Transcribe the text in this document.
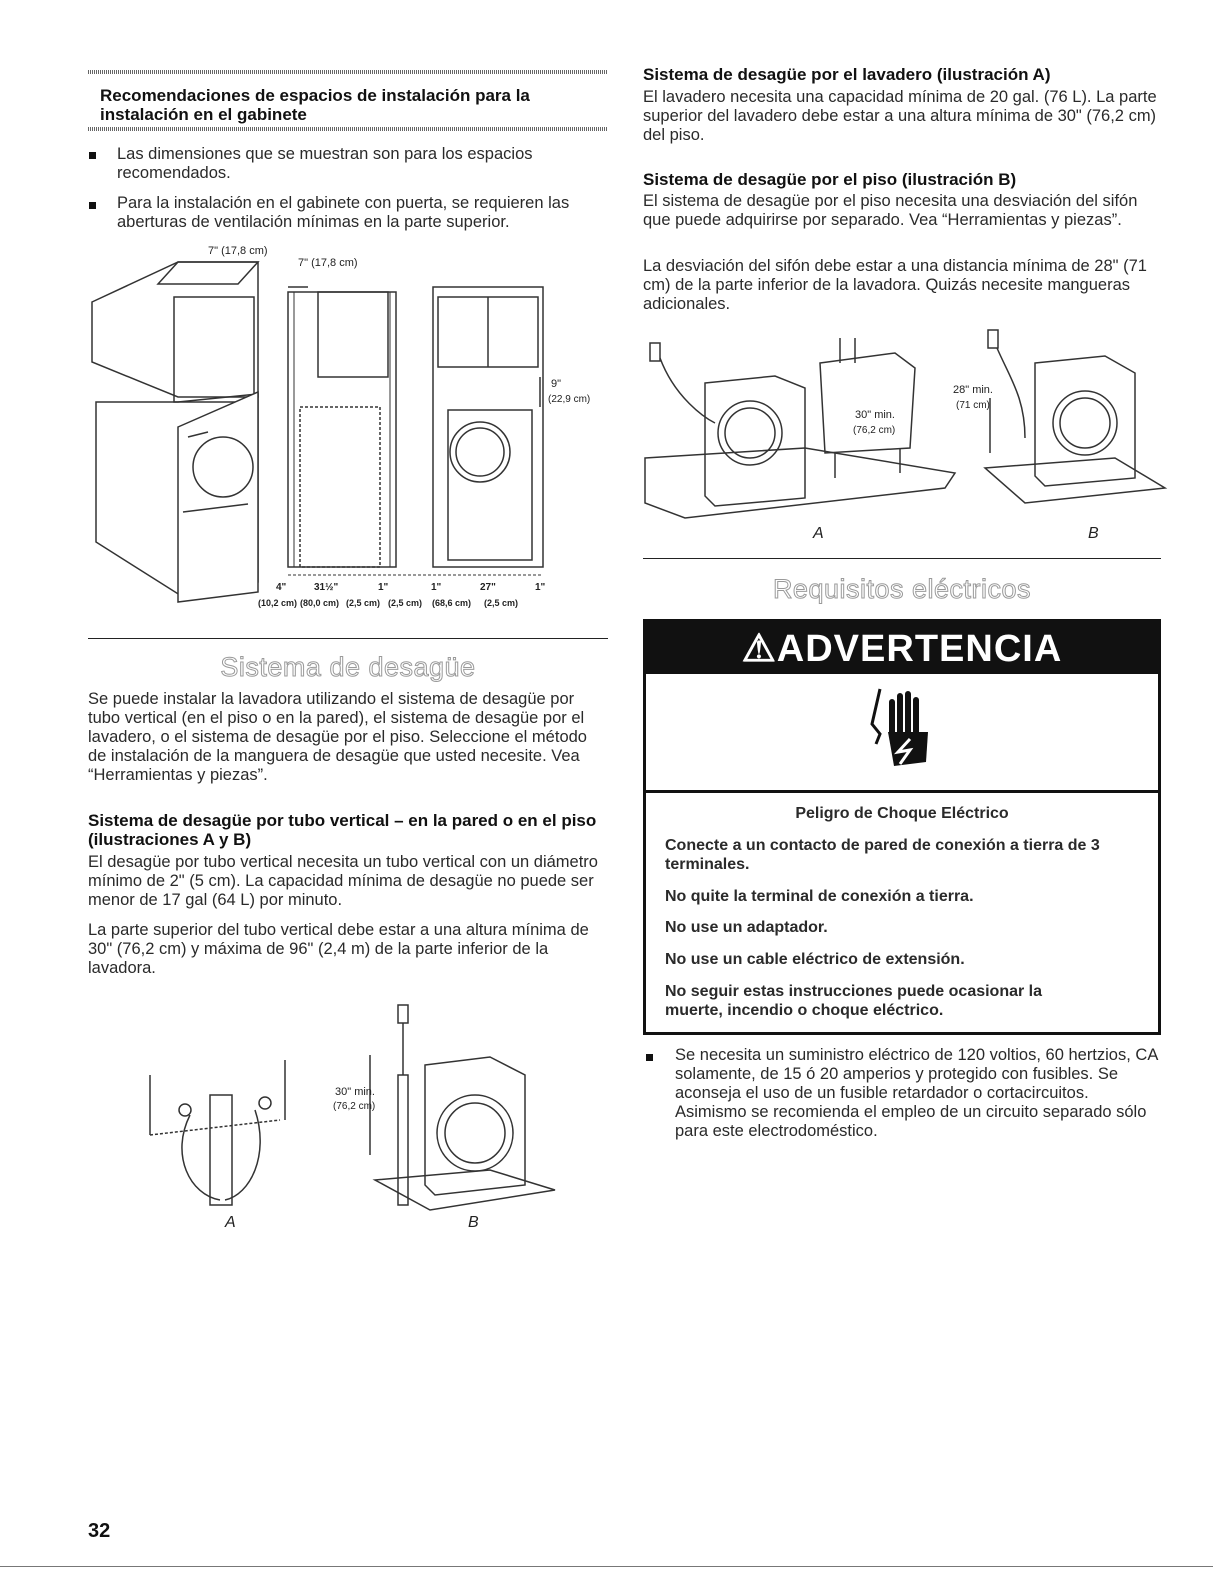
Recomendaciones de espacios de instalación para la instalación en el gabinete
Las dimensiones que se muestran son para los espacios recomendados.
Para la instalación en el gabinete con puerta, se requieren las aberturas de ventilación mínimas en la parte superior.
7" (17,8 cm)
7" (17,8 cm)
9"
(22,9 cm)
4"	31½"	1"	1"	27"	1"
(10,2 cm) (80,0 cm) (2,5 cm) (2,5 cm) (68,6 cm) (2,5 cm)
Sistema de desagüe
Se puede instalar la lavadora utilizando el sistema de desagüe por tubo vertical (en el piso o en la pared), el sistema de desagüe por el lavadero, o el sistema de desagüe por el piso. Seleccione el método de instalación de la manguera de desagüe que usted necesite. Vea “Herramientas y piezas”.
Sistema de desagüe por tubo vertical – en la pared o en el piso (ilustraciones A y B)
El desagüe por tubo vertical necesita un tubo vertical con un diámetro mínimo de 2" (5 cm). La capacidad mínima de desagüe no puede ser menor de 17 gal (64 L) por minuto.
La parte superior del tubo vertical debe estar a una altura mínima de 30" (76,2 cm) y máxima de 96" (2,4 m) de la parte inferior de la lavadora.
30" min.
(76,2 cm)
A	B
32
Sistema de desagüe por el lavadero (ilustración A)
El lavadero necesita una capacidad mínima de 20 gal. (76 L). La parte superior del lavadero debe estar a una altura mínima de 30" (76,2 cm) del piso.
Sistema de desagüe por el piso (ilustración B)
El sistema de desagüe por el piso necesita una desviación del sifón que puede adquirirse por separado. Vea “Herramientas y piezas”.
La desviación del sifón debe estar a una distancia mínima de 28" (71 cm) de la parte inferior de la lavadora. Quizás necesite mangueras adicionales.
30" min.
(76,2 cm)
28" min.
(71 cm)
A	B
Requisitos eléctricos
⚠ADVERTENCIA
Peligro de Choque Eléctrico
Conecte a un contacto de pared de conexión a tierra de 3 terminales.
No quite la terminal de conexión a tierra.
No use un adaptador.
No use un cable eléctrico de extensión.
No seguir estas instrucciones puede ocasionar la muerte, incendio o choque eléctrico.
Se necesita un suministro eléctrico de 120 voltios, 60 hertzios, CA solamente, de 15 ó 20 amperios y protegido con fusibles. Se aconseja el uso de un fusible retardador o cortacircuitos. Asimismo se recomienda el empleo de un circuito separado sólo para este electrodoméstico.
